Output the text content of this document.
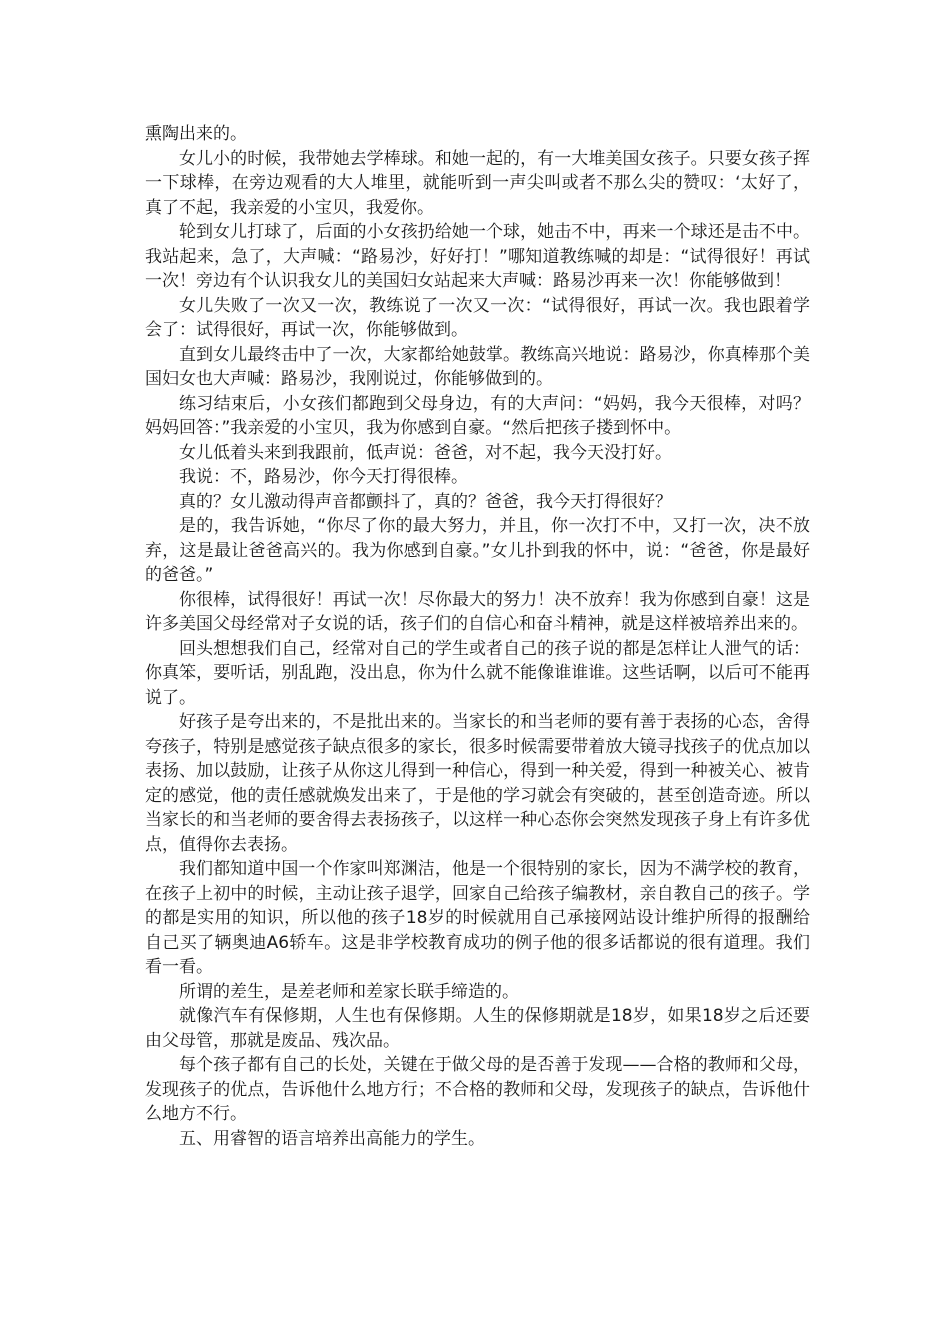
熏陶出来的。

女儿小的时候，我带她去学棒球。和她一起的，有一大堆美国女孩子。只要女孩子挥一下球棒，在旁边观看的大人堆里，就能听到一声尖叫或者不那么尖的赞叹：‘太好了，真了不起，我亲爱的小宝贝，我爱你。

轮到女儿打球了，后面的小女孩扔给她一个球，她击不中，再来一个球还是击不中。我站起来，急了，大声喊：“路易沙，好好打！”哪知道教练喊的却是：“试得很好！再试一次！旁边有个认识我女儿的美国妇女站起来大声喊：路易沙再来一次！你能够做到！

女儿失败了一次又一次，教练说了一次又一次：“试得很好，再试一次。我也跟着学会了：试得很好，再试一次，你能够做到。

直到女儿最终击中了一次，大家都给她鼓掌。教练高兴地说：路易沙，你真棒那个美国妇女也大声喊：路易沙，我刚说过，你能够做到的。

练习结束后，小女孩们都跑到父母身边，有的大声问：“妈妈，我今天很棒，对吗？妈妈回答：”我亲爱的小宝贝，我为你感到自豪。“然后把孩子搂到怀中。

女儿低着头来到我跟前，低声说：爸爸，对不起，我今天没打好。

我说：不，路易沙，你今天打得很棒。

真的？女儿激动得声音都颤抖了，真的？爸爸，我今天打得很好？

是的，我告诉她，“你尽了你的最大努力，并且，你一次打不中，又打一次，决不放弃，这是最让爸爸高兴的。我为你感到自豪。”女儿扑到我的怀中，说：“爸爸，你是最好的爸爸。”

你很棒，试得很好！再试一次！尽你最大的努力！决不放弃！我为你感到自豪！这是许多美国父母经常对子女说的话，孩子们的自信心和奋斗精神，就是这样被培养出来的。

回头想想我们自己，经常对自己的学生或者自己的孩子说的都是怎样让人泄气的话：你真笨，要听话，别乱跑，没出息，你为什么就不能像谁谁谁。这些话啊，以后可不能再说了。

好孩子是夸出来的，不是批出来的。当家长的和当老师的要有善于表扬的心态，舍得夸孩子，特别是感觉孩子缺点很多的家长，很多时候需要带着放大镜寻找孩子的优点加以表扬、加以鼓励，让孩子从你这儿得到一种信心，得到一种关爱，得到一种被关心、被肯定的感觉，他的责任感就焕发出来了，于是他的学习就会有突破的，甚至创造奇迹。所以当家长的和当老师的要舍得去表扬孩子，以这样一种心态你会突然发现孩子身上有许多优点，值得你去表扬。

我们都知道中国一个作家叫郑渊洁，他是一个很特别的家长，因为不满学校的教育，在孩子上初中的时候，主动让孩子退学，回家自己给孩子编教材，亲自教自己的孩子。学的都是实用的知识，所以他的孩子18岁的时候就用自己承接网站设计维护所得的报酬给自己买了辆奥迪A6轿车。这是非学校教育成功的例子他的很多话都说的很有道理。我们看一看。

所谓的差生，是差老师和差家长联手缔造的。

就像汽车有保修期，人生也有保修期。人生的保修期就是18岁，如果18岁之后还要由父母管，那就是废品、残次品。

每个孩子都有自己的长处，关键在于做父母的是否善于发现——合格的教师和父母，发现孩子的优点，告诉他什么地方行；不合格的教师和父母，发现孩子的缺点，告诉他什么地方不行。

五、用睿智的语言培养出高能力的学生。
